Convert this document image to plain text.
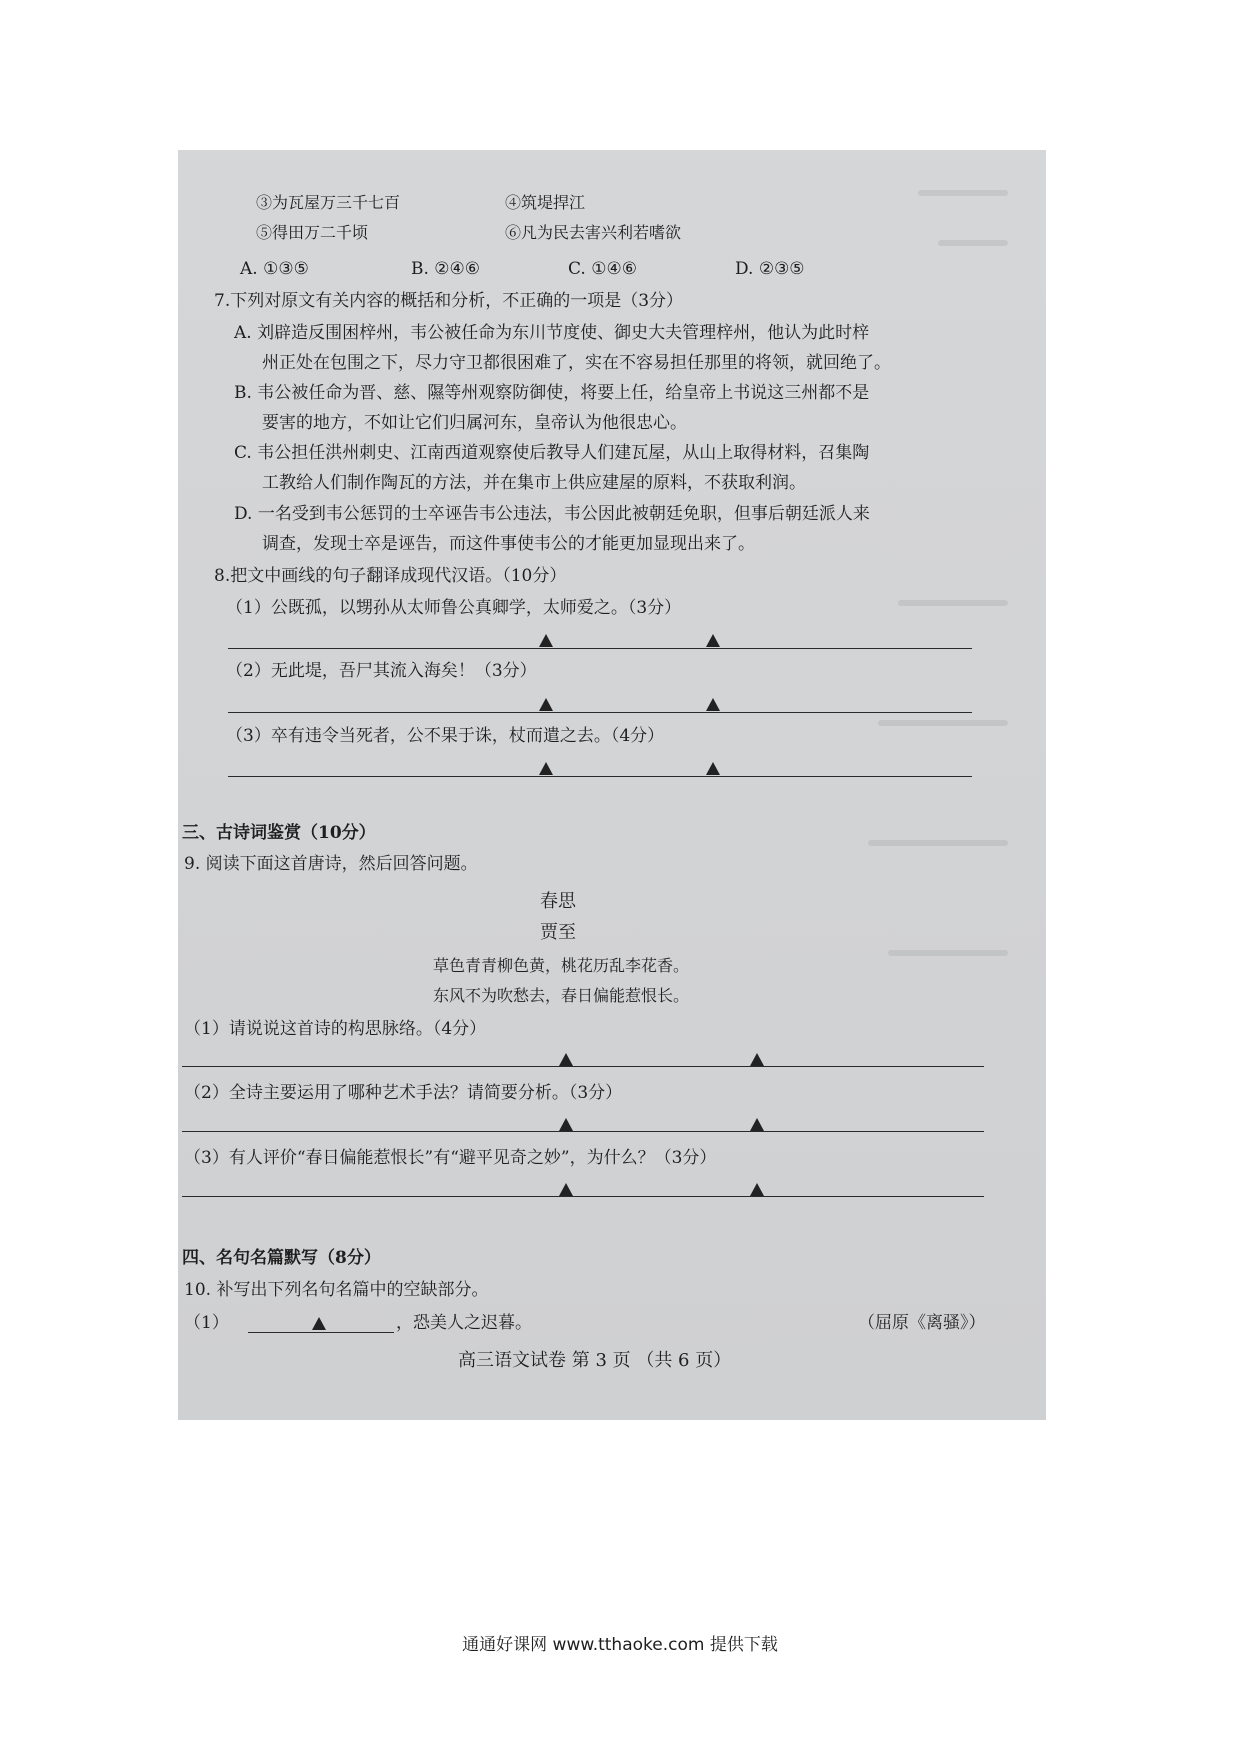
③为瓦屋万三千七百	④筑堤捍江
⑤得田万二千顷	⑥凡为民去害兴利若嗜欲
A. ①③⑤	B. ②④⑥	C. ①④⑥	D. ②③⑤
7.下列对原文有关内容的概括和分析，不正确的一项是（3分）
A. 刘辟造反围困梓州，韦公被任命为东川节度使、御史大夫管理梓州，他认为此时梓
州正处在包围之下，尽力守卫都很困难了，实在不容易担任那里的将领，就回绝了。
B. 韦公被任命为晋、慈、隰等州观察防御使，将要上任，给皇帝上书说这三州都不是
要害的地方，不如让它们归属河东，皇帝认为他很忠心。
C. 韦公担任洪州刺史、江南西道观察使后教导人们建瓦屋，从山上取得材料，召集陶
工教给人们制作陶瓦的方法，并在集市上供应建屋的原料，不获取利润。
D. 一名受到韦公惩罚的士卒诬告韦公违法，韦公因此被朝廷免职，但事后朝廷派人来
调查，发现士卒是诬告，而这件事使韦公的才能更加显现出来了。
8.把文中画线的句子翻译成现代汉语。（10分）
（1）公既孤，以甥孙从太师鲁公真卿学，太师爱之。（3分）
（2）无此堤，吾尸其流入海矣！（3分）
（3）卒有违令当死者，公不果于诛，杖而遣之去。（4分）
三、古诗词鉴赏（10分）
9. 阅读下面这首唐诗，然后回答问题。
春思
贾至
草色青青柳色黄，桃花历乱李花香。
东风不为吹愁去，春日偏能惹恨长。
（1）请说说这首诗的构思脉络。（4分）
（2）全诗主要运用了哪种艺术手法？请简要分析。（3分）
（3）有人评价“春日偏能惹恨长”有“避平见奇之妙”，为什么？（3分）
四、名句名篇默写（8分）
10. 补写出下列名句名篇中的空缺部分。
（1）	，恐美人之迟暮。	（屈原《离骚》）
高三语文试卷 第 3 页 （共 6 页）
通通好课网 www.tthaoke.com 提供下载
